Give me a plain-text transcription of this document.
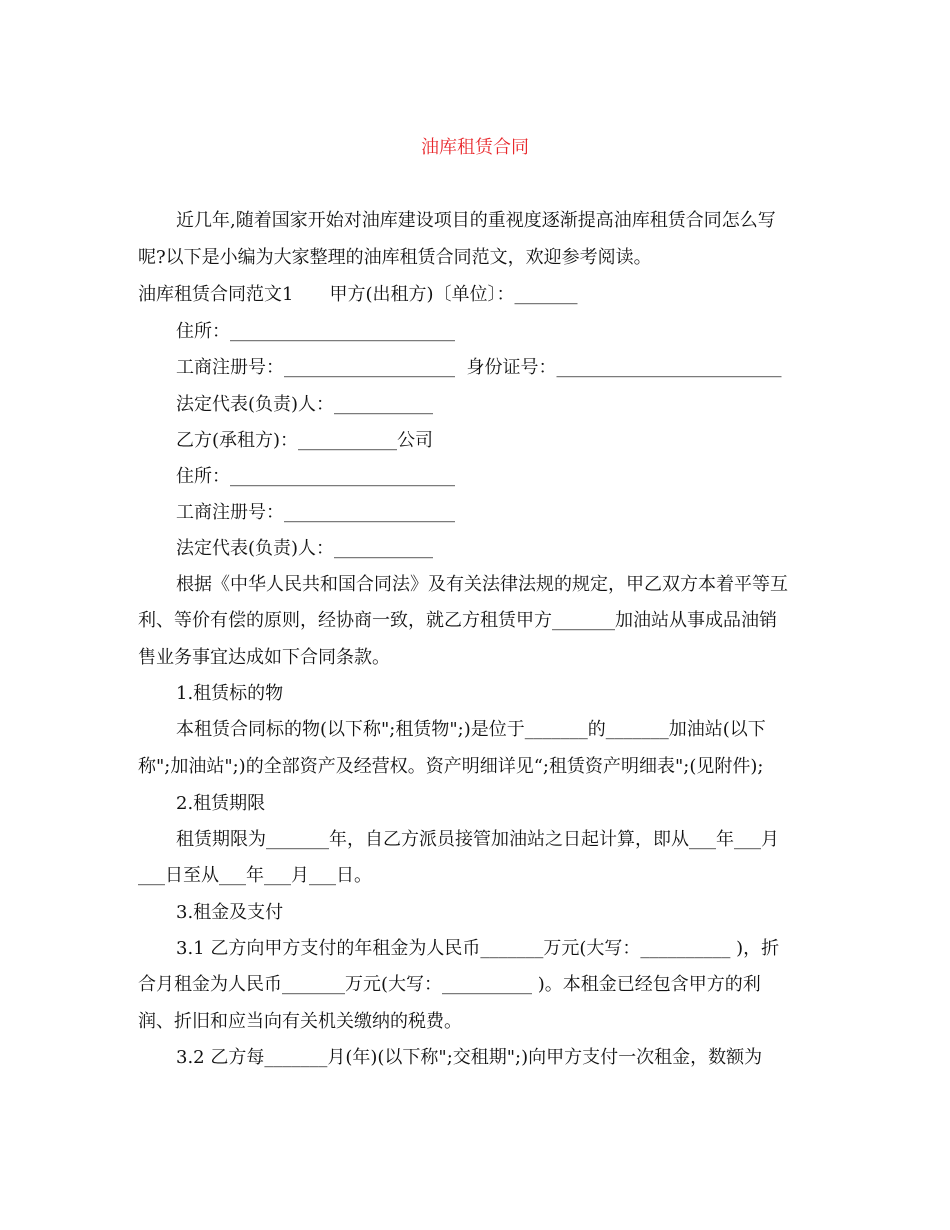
油库租赁合同

近几年,随着国家开始对油库建设项目的重视度逐渐提高油库租赁合同怎么写

呢?以下是小编为大家整理的油库租赁合同范文，欢迎参考阅读。

油库租赁合同范文1　　甲方(出租方)〔单位〕：_______

住所：_________________________

工商注册号：___________________  身份证号：_________________________

法定代表(负责)人：___________

乙方(承租方)：___________公司

住所：_________________________

工商注册号：___________________

法定代表(负责)人：___________

根据《中华人民共和国合同法》及有关法律法规的规定，甲乙双方本着平等互

利、等价有偿的原则，经协商一致，就乙方租赁甲方_______加油站从事成品油销

售业务事宜达成如下合同条款。

1.租赁标的物

本租赁合同标的物(以下称";租赁物";)是位于_______的_______加油站(以下

称";加油站";)的全部资产及经营权。资产明细详见“;租赁资产明细表";(见附件);

2.租赁期限

租赁期限为_______年，自乙方派员接管加油站之日起计算，即从___年___月

___日至从___年___月___日。

3.租金及支付

3.1 乙方向甲方支付的年租金为人民币_______万元(大写：__________ )，折

合月租金为人民币_______万元(大写：__________ )。本租金已经包含甲方的利

润、折旧和应当向有关机关缴纳的税费。

3.2 乙方每_______月(年)(以下称";交租期";)向甲方支付一次租金，数额为
